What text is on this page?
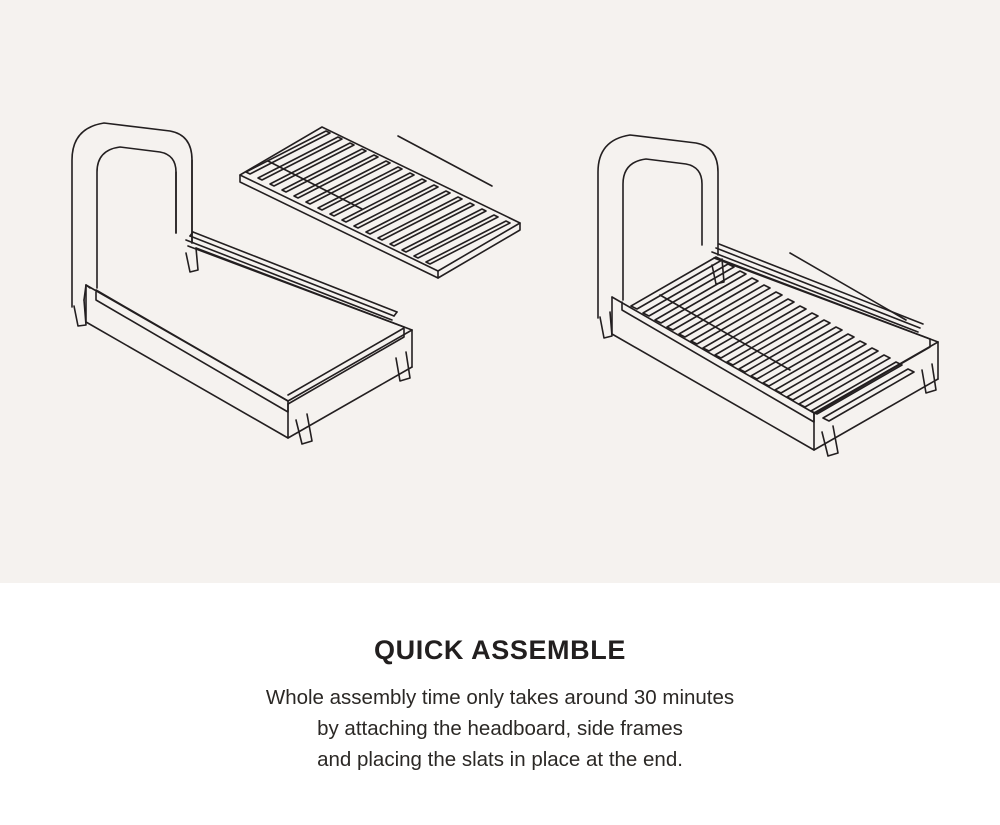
QUICK ASSEMBLE

Whole assembly time only takes around 30 minutes
by attaching the headboard, side frames
and placing the slats in place at the end.
